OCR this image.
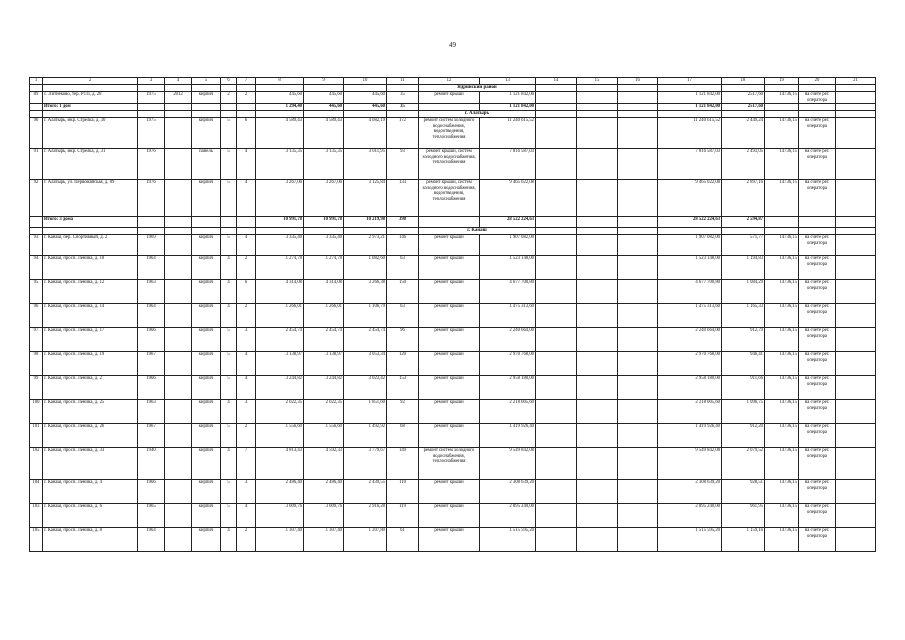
49
1	2	3	4	5	6	7	8	9	10	11	12	13	14	15	16	17	18	19	20	21
											Ядринский район									
89	с. Литнеково, тер. РТП, д. 28	1975	2012	кирпич	2	2	445,60	445,60	445,60	35	ремонт крыши	1 121 842,00				1 121 842,00	2517,60	14736,15	на счете рег. оператора	
	Итого: 1 дом						1 294,40	445,60	445,60	35		1 121 842,00				1 121 842,00	2517,60			
											г. Алатырь									
90	г. Алатырь, мкр. Стрелка, д. 30	1975		кирпич	5	6	4 589,43	4 589,43	4 082,19	172	ремонт систем холодного водоснабжения, водоотведения, теплоснабжения	11 240 615,52				11 240 615,52	2 449,24	14736,15	на счете рег. оператора	
91	г. Алатырь, мкр. Стрелка, д. 31	1976		панель	5	4	3 135,35	3 135,35	3 011,95	93	ремонт крыши, систем холодного водоснабжения, теплоснабжения	7 816 587,03				7 816 587,03	2 493,05	14736,15	на счете рег. оператора	
92	г. Алатырь, ул. Первомайская, д. 89	1976		кирпич	5	4	3 267,00	3 267,00	3 125,84	133	ремонт крыши, систем холодного водоснабжения, водоотведения, теплоснабжения	9 465 022,08				9 465 022,08	2 897,16	14736,15	на счете рег. оператора	
	Итого: 3 дома						10 991,78	10 991,78	10 219,98	398		28 522 224,63				28 522 224,63	2 594,87			
											г. Канаш									
93	г. Канаш, пер. Спортивный, д. 2	1969		кирпич	5	4	3 335,40	3 335,40	2 973,21	146	ремонт крыши	1 907 082,00				1 907 082,00	571,77	14736,15	на счете рег. оператора	
94	г. Канаш, просп. Ленина, д. 10	1964		кирпич	4	2	1 274,78	1 274,78	1 082,60	63	ремонт крыши	1 523 148,00				1 523 148,00	1 194,83	14736,15	на счете рег. оператора	
95	г. Канаш, просп. Ленина, д. 12	1963		кирпич	4	6	4 314,08	4 314,08	3 266,38	150	ремонт крыши	4 677 700,80				4 677 700,80	1 084,29	14736,15	на счете рег. оператора	
96	г. Канаш, просп. Ленина, д. 14	1964		кирпич	4	2	1 266,01	1 266,01	1 106,79	63	ремонт крыши	1 475 313,60				1 475 313,60	1 165,33	14736,15	на счете рег. оператора	
97	г. Канаш, просп. Ленина, д. 17	1966		кирпич	5	3	2 454,74	2 454,74	2 454,74	96	ремонт крыши	2 240 664,00				2 240 664,00	912,79	14736,15	на счете рег. оператора	
98	г. Канаш, просп. Ленина, д. 19	1967		кирпич	5	4	3 138,97	3 138,97	3 053,34	120	ремонт крыши	2 970 768,00				2 970 768,00	946,41	14736,15	на счете рег. оператора	
99	г. Канаш, просп. Ленина, д. 2	1966		кирпич	5	4	3 244,82	3 244,82	3 023,42	153	ремонт крыши	2 958 180,00				2 958 180,00	911,66	14736,15	на счете рег. оператора	
100	г. Канаш, просп. Ленина, д. 25	1963		кирпич	4	3	2 022,35	2 022,35	1 851,60	92	ремонт крыши	2 218 005,60				2 218 005,60	1 096,75	14736,15	на счете рег. оператора	
101	г. Канаш, просп. Ленина, д. 26	1967		кирпич	5	2	1 556,60	1 556,60	1 492,92	68	ремонт крыши	1 419 926,40				1 419 926,40	912,20	14736,15	на счете рег. оператора	
102	г. Канаш, просп. Ленина, д. 33	1940		кирпич	4	7	4 813,43	4 592,33	3 779,67	149	ремонт систем холодного водоснабжения, теплоснабжения	9 549 842,08				9 549 842,08	2 079,52	14736,15	на счете рег. оператора	
104	г. Канаш, просп. Ленина, д. 4	1966		кирпич	5	3	2 486,40	2 486,40	2 439,55	110	ремонт крыши	2 308 639,20				2 308 639,20	928,51	14736,15	на счете рег. оператора	
103	г. Канаш, просп. Ленина, д. 6	1965		кирпич	5	4	3 009,76	3 009,76	2 916,28	119	ремонт крыши	2 895 240,00				2 895 240,00	961,95	14736,15	на счете рег. оператора	
105	г. Канаш, просп. Ленина, д. 8	1964		кирпич	4	2	1 307,40	1 307,40	1 207,80	61	ремонт крыши	1 515 595,20				1 515 595,20	1 159,16	14736,15	на счете рег. оператора	
